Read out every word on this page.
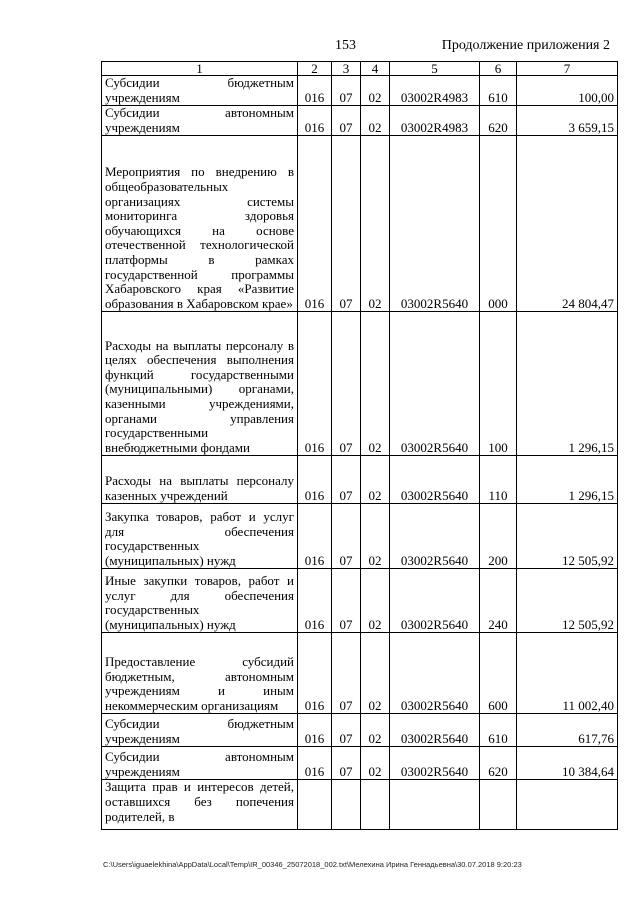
153	Продолжение приложения 2
1	2	3	4	5	6	7
Субсидии бюджетным учреждениям	016	07	02	03002R4983	610	100,00
Субсидии автономным учреждениям	016	07	02	03002R4983	620	3 659,15
Мероприятия по внедрению в общеобразовательных организациях системы мониторинга здоровья обучающихся на основе отечественной технологической платформы в рамках государственной программы Хабаровского края «Развитие образования в Хабаровском крае»	016	07	02	03002R5640	000	24 804,47
Расходы на выплаты персоналу в целях обеспечения выполнения функций государственными (муниципальными) органами, казенными учреждениями, органами управления государственными внебюджетными фондами	016	07	02	03002R5640	100	1 296,15
Расходы на выплаты персоналу казенных учреждений	016	07	02	03002R5640	110	1 296,15
Закупка товаров, работ и услуг для обеспечения государственных (муниципальных) нужд	016	07	02	03002R5640	200	12 505,92
Иные закупки товаров, работ и услуг для обеспечения государственных (муниципальных) нужд	016	07	02	03002R5640	240	12 505,92
Предоставление субсидий бюджетным, автономным учреждениям и иным некоммерческим организациям	016	07	02	03002R5640	600	11 002,40
Субсидии бюджетным учреждениям	016	07	02	03002R5640	610	617,76
Субсидии автономным учреждениям	016	07	02	03002R5640	620	10 384,64
Защита прав и интересов детей, оставшихся без попечения родителей, в						
C:\Users\iguaelekhina\AppData\Local\Temp\IR_00346_25072018_002.txt\Мелехина Ирина Геннадьевна\30.07.2018 9:20:23
